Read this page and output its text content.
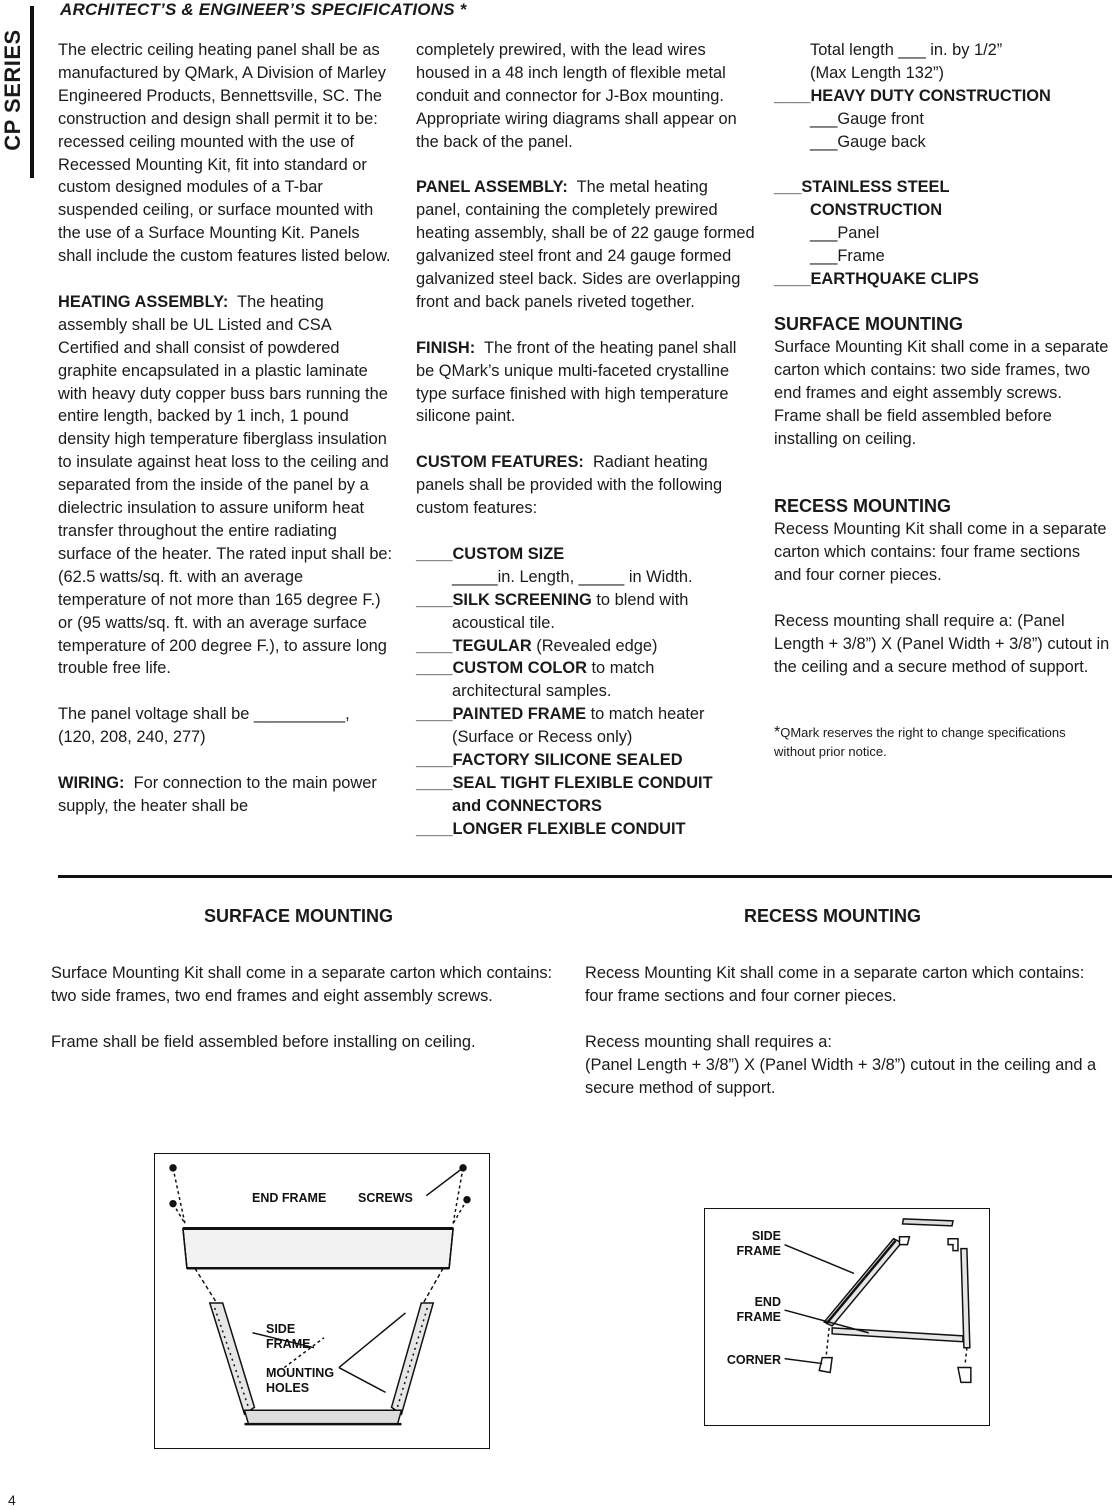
CP SERIES
ARCHITECT’S & ENGINEER’S SPECIFICATIONS *

The electric ceiling heating panel shall be as manufactured by QMark, A Division of Marley Engineered Products, Bennettsville, SC. The construction and design shall permit it to be: recessed ceiling mounted with the use of Recessed Mounting Kit, fit into standard or custom designed modules of a T-bar suspended ceiling, or surface mounted with the use of a Surface Mounting Kit. Panels shall include the custom features listed below.

HEATING ASSEMBLY: The heating assembly shall be UL Listed and CSA Certified and shall consist of powdered graphite encapsulated in a plastic laminate with heavy duty copper buss bars running the entire length, backed by 1 inch, 1 pound density high temperature fiberglass insulation to insulate against heat loss to the ceiling and separated from the inside of the panel by a dielectric insulation to assure uniform heat transfer throughout the entire radiating surface of the heater. The rated input shall be: (62.5 watts/sq. ft. with an average temperature of not more than 165 degree F.) or (95 watts/sq. ft. with an average surface temperature of 200 degree F.), to assure long trouble free life.

The panel voltage shall be __________,
(120, 208, 240, 277)

WIRING: For connection to the main power supply, the heater shall be

completely prewired, with the lead wires housed in a 48 inch length of flexible metal conduit and connector for J-Box mounting. Appropriate wiring diagrams shall appear on the back of the panel.

PANEL ASSEMBLY: The metal heating panel, containing the completely prewired heating assembly, shall be of 22 gauge formed galvanized steel front and 24 gauge formed galvanized steel back. Sides are overlapping front and back panels riveted together.

FINISH: The front of the heating panel shall be QMark’s unique multi-faceted crystalline type surface finished with high temperature silicone paint.

CUSTOM FEATURES: Radiant heating panels shall be provided with the following custom features:

____CUSTOM SIZE
_____in. Length, _____ in Width.
____SILK SCREENING to blend with
acoustical tile.
____TEGULAR (Revealed edge)
____CUSTOM COLOR to match
architectural samples.
____PAINTED FRAME to match heater
(Surface or Recess only)
____FACTORY SILICONE SEALED
____SEAL TIGHT FLEXIBLE CONDUIT
and CONNECTORS
____LONGER FLEXIBLE CONDUIT
Total length ___ in. by 1/2”
(Max Length 132”)
____HEAVY DUTY CONSTRUCTION
___Gauge front
___Gauge back
___STAINLESS STEEL
CONSTRUCTION
___Panel
___Frame
____EARTHQUAKE CLIPS
SURFACE MOUNTING
Surface Mounting Kit shall come in a separate carton which contains: two side frames, two end frames and eight assembly screws.
Frame shall be field assembled before installing on ceiling.
RECESS MOUNTING
Recess Mounting Kit shall come in a separate carton which contains: four frame sections and four corner pieces.
Recess mounting shall require a: (Panel Length + 3/8”) X (Panel Width + 3/8”) cutout in the ceiling and a secure method of support.
*QMark reserves the right to change specifications without prior notice.
SURFACE MOUNTING	RECESS MOUNTING
Surface Mounting Kit shall come in a separate carton which contains: two side frames, two end frames and eight assembly screws.
Frame shall be field assembled before installing on ceiling.
Recess Mounting Kit shall come in a separate carton which contains: four frame sections and four corner pieces.
Recess mounting shall requires a:
(Panel Length + 3/8”) X (Panel Width + 3/8”) cutout in the ceiling and a secure method of support.
END FRAME	SCREWS
SIDE FRAME
MOUNTING HOLES
SIDE FRAME
END FRAME
CORNER
4
